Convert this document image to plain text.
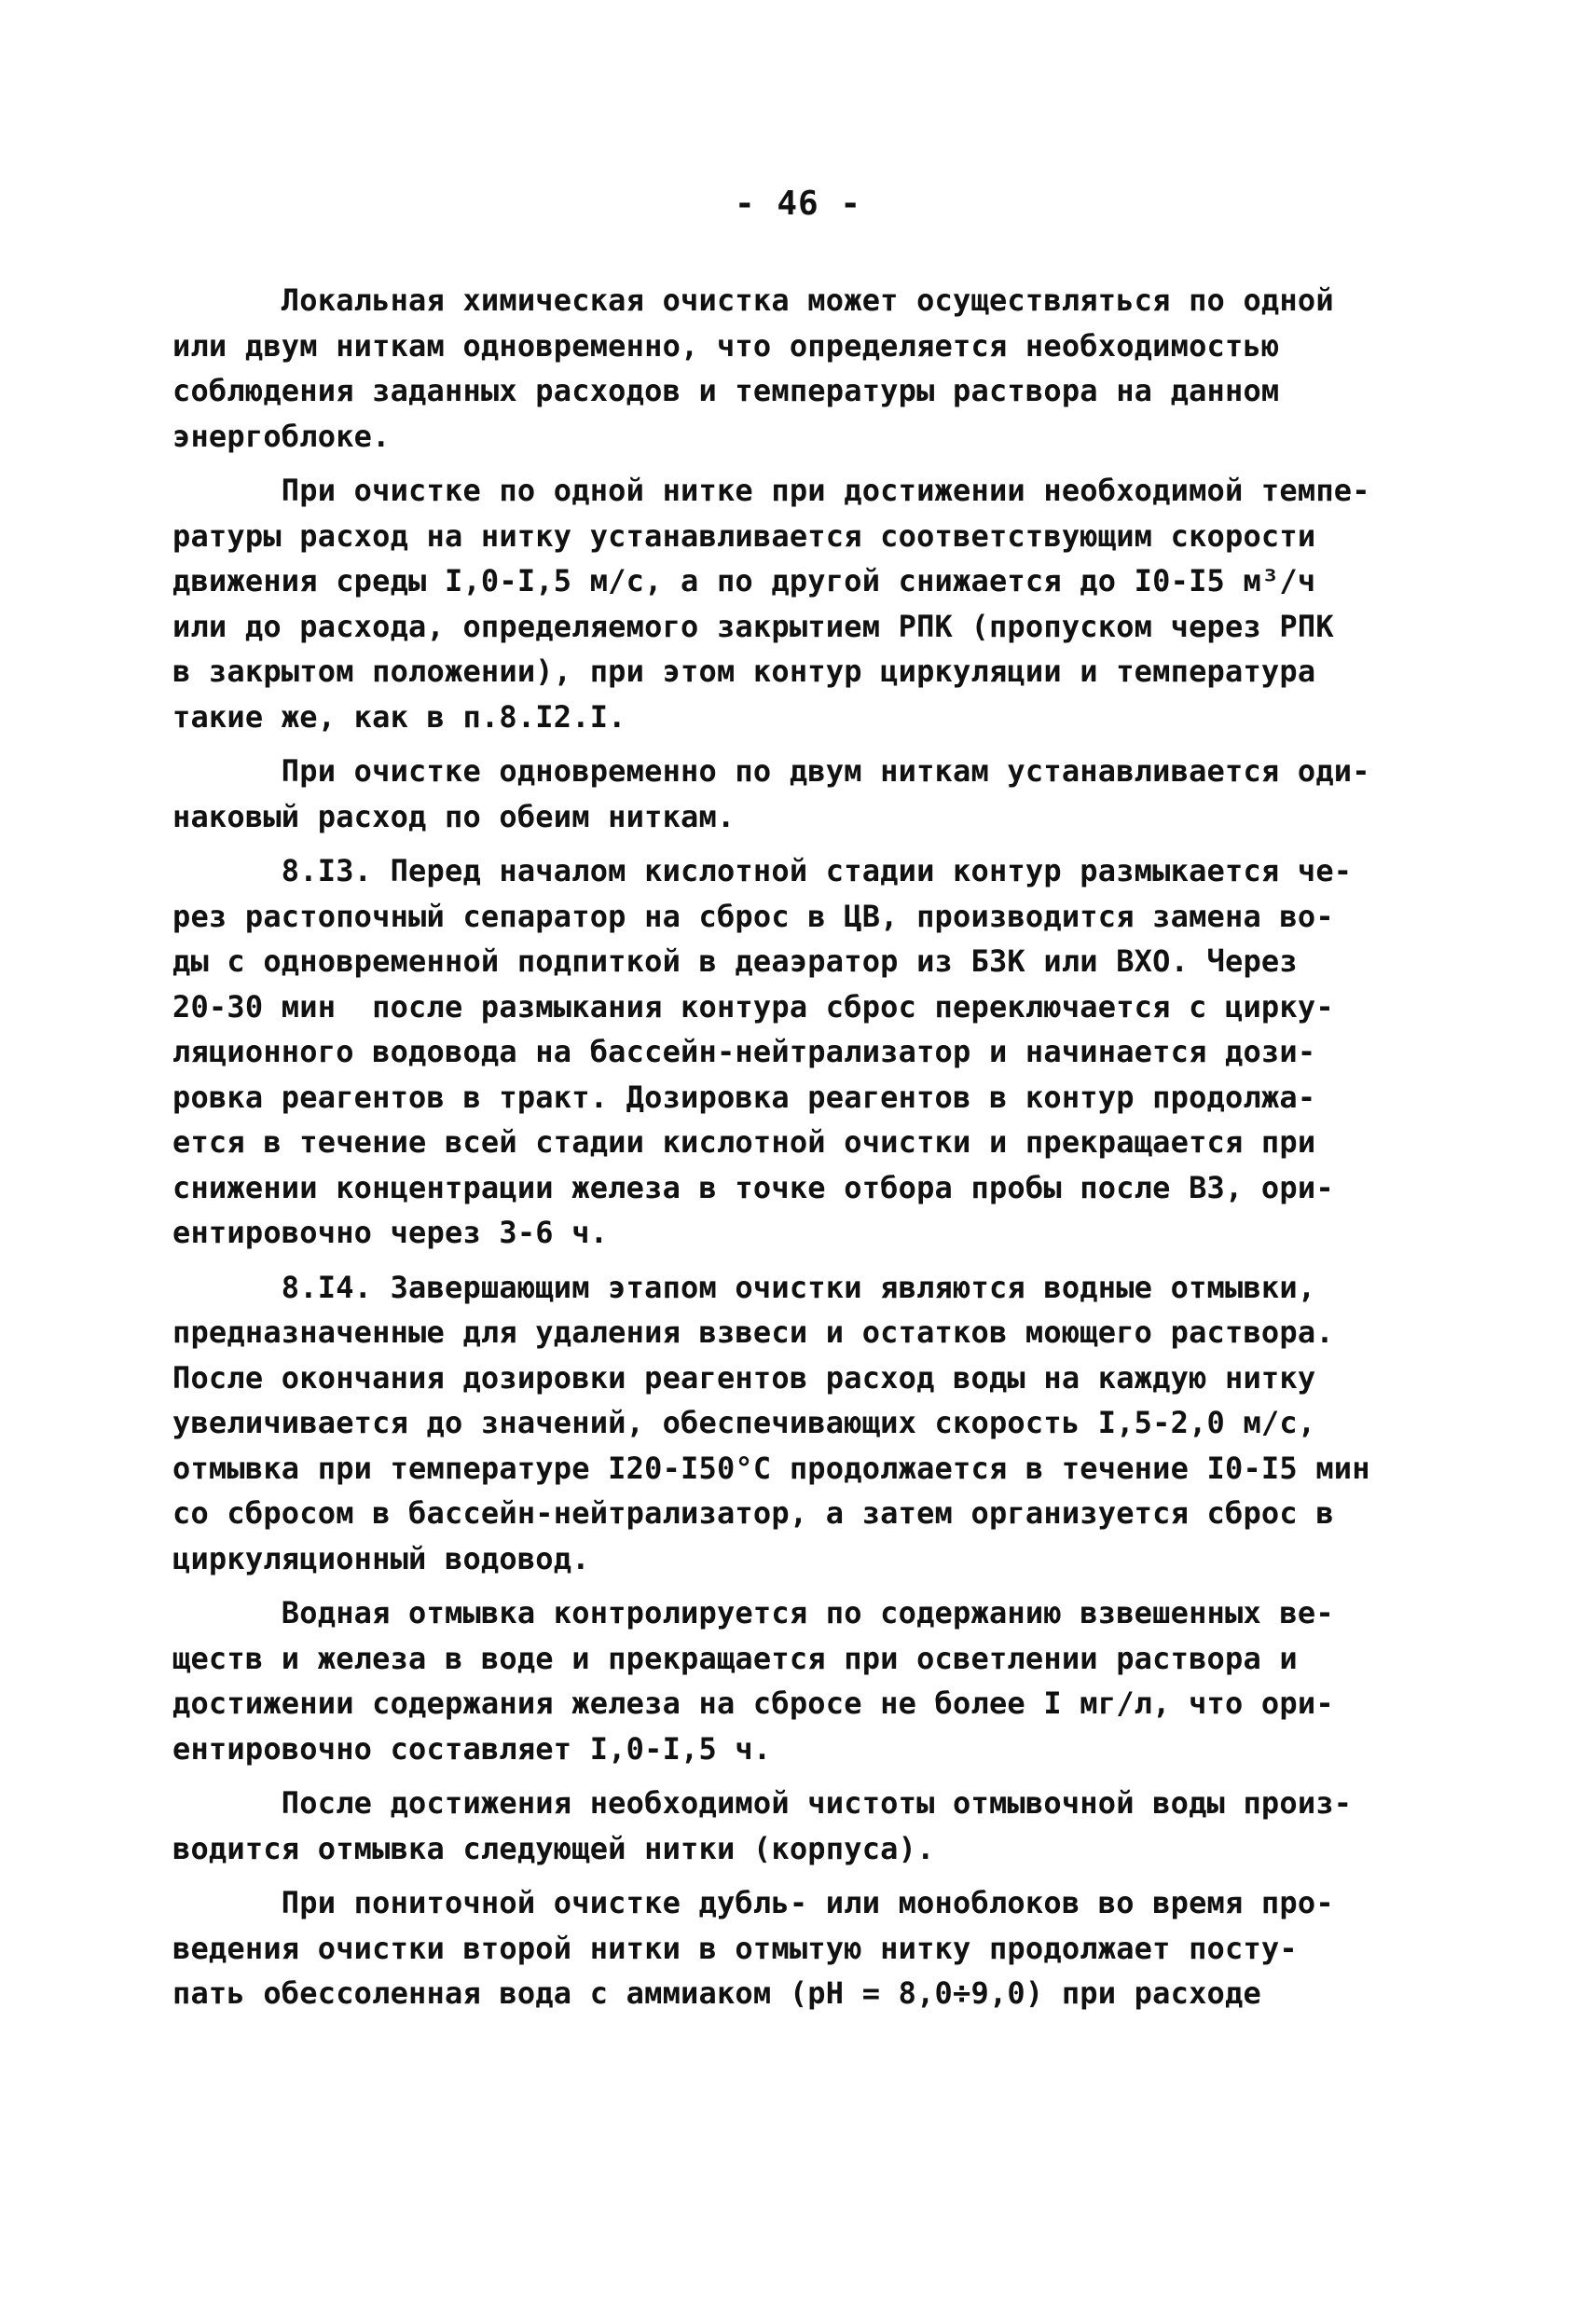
- 46 -
Локальная химическая очистка может осуществляться по одной
или двум ниткам одновременно, что определяется необходимостью
соблюдения заданных расходов и температуры раствора на данном
энергоблоке.
При очистке по одной нитке при достижении необходимой темпе-
ратуры расход на нитку устанавливается соответствующим скорости
движения среды I,0-I,5 м/с, а по другой снижается до I0-I5 м³/ч
или до расхода, определяемого закрытием РПК (пропуском через РПК
в закрытом положении), при этом контур циркуляции и температура
такие же, как в п.8.I2.I.
При очистке одновременно по двум ниткам устанавливается оди-
наковый расход по обеим ниткам.
8.I3. Перед началом кислотной стадии контур размыкается че-
рез растопочный сепаратор на сброс в ЦВ, производится замена во-
ды с одновременной подпиткой в деаэратор из БЗК или ВХО. Через
20-30 мин  после размыкания контура сброс переключается с цирку-
ляционного водовода на бассейн-нейтрализатор и начинается дози-
ровка реагентов в тракт. Дозировка реагентов в контур продолжа-
ется в течение всей стадии кислотной очистки и прекращается при
снижении концентрации железа в точке отбора пробы после ВЗ, ори-
ентировочно через 3-6 ч.
8.I4. Завершающим этапом очистки являются водные отмывки,
предназначенные для удаления взвеси и остатков моющего раствора.
После окончания дозировки реагентов расход воды на каждую нитку
увеличивается до значений, обеспечивающих скорость I,5-2,0 м/с,
отмывка при температуре I20-I50°С продолжается в течение I0-I5 мин
со сбросом в бассейн-нейтрализатор, а затем организуется сброс в
циркуляционный водовод.
Водная отмывка контролируется по содержанию взвешенных ве-
ществ и железа в воде и прекращается при осветлении раствора и
достижении содержания железа на сбросе не более I мг/л, что ори-
ентировочно составляет I,0-I,5 ч.
После достижения необходимой чистоты отмывочной воды произ-
водится отмывка следующей нитки (корпуса).
При пониточной очистке дубль- или моноблоков во время про-
ведения очистки второй нитки в отмытую нитку продолжает посту-
пать обессоленная вода с аммиаком (рН = 8,0÷9,0) при расходе
